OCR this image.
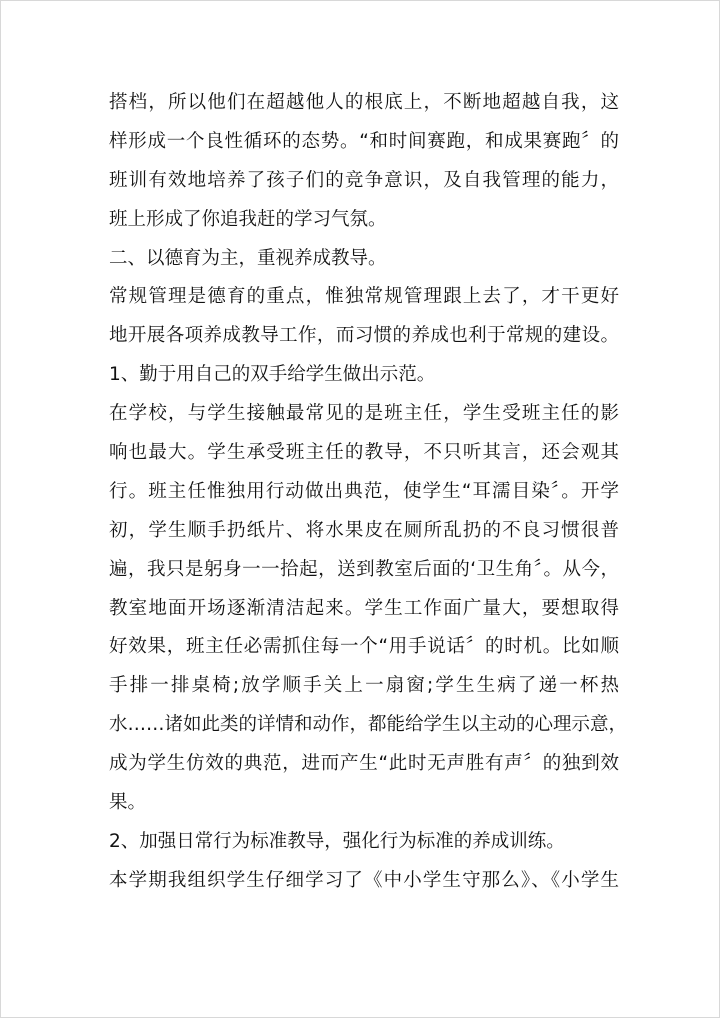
搭档，所以他们在超越他人的根底上，不断地超越自我，这
样形成一个良性循环的态势。“和时间赛跑，和成果赛跑〞的
班训有效地培养了孩子们的竞争意识，及自我管理的能力，
班上形成了你追我赶的学习气氛。
二、以德育为主，重视养成教导。
常规管理是德育的重点，惟独常规管理跟上去了，才干更好
地开展各项养成教导工作，而习惯的养成也利于常规的建设。
1、勤于用自己的双手给学生做出示范。
在学校，与学生接触最常见的是班主任，学生受班主任的影
响也最大。学生承受班主任的教导，不只听其言，还会观其
行。班主任惟独用行动做出典范，使学生“耳濡目染〞。开学
初，学生顺手扔纸片、将水果皮在厕所乱扔的不良习惯很普
遍，我只是躬身一一拾起，送到教室后面的‘卫生角〞。从今，
教室地面开场逐渐清洁起来。学生工作面广量大，要想取得
好效果，班主任必需抓住每一个“用手说话〞的时机。比如顺
手排一排桌椅;放学顺手关上一扇窗;学生生病了递一杯热
水……诸如此类的详情和动作，都能给学生以主动的心理示意，
成为学生仿效的典范，进而产生“此时无声胜有声〞的独到效
果。
2、加强日常行为标准教导，强化行为标准的养成训练。
本学期我组织学生仔细学习了《中小学生守那么》、《小学生
